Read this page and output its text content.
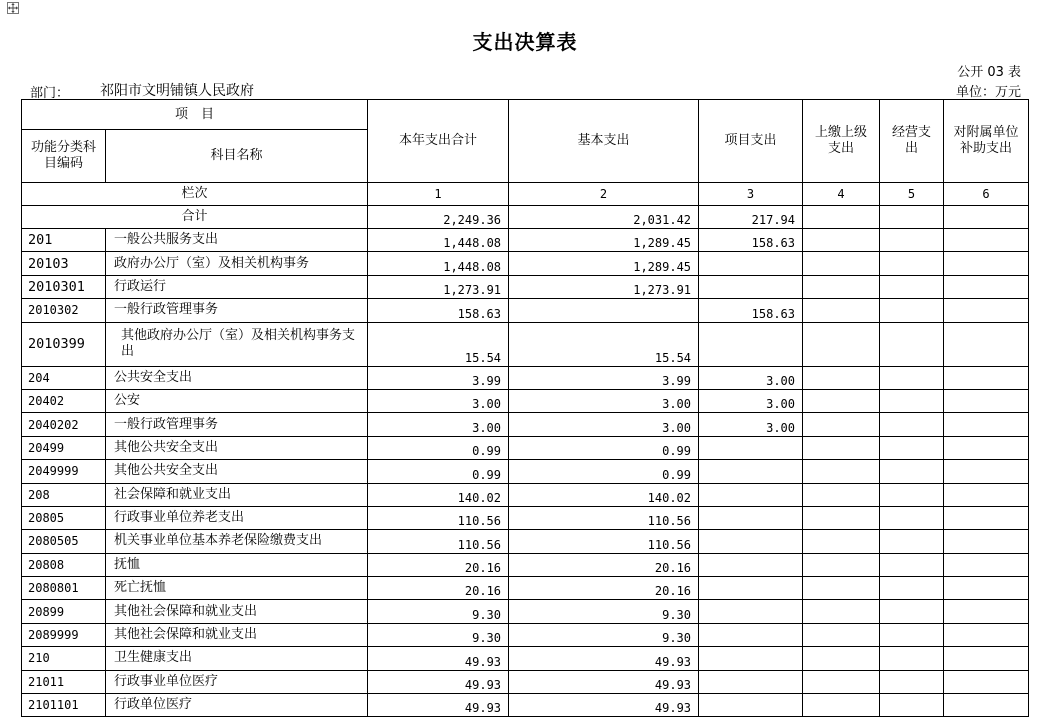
支出决算表
公开 03 表
部门： 祁阳市文明铺镇人民政府	单位：万元
项　目		本年支出合计	基本支出	项目支出	上缴上级支出	经营支出	对附属单位补助支出
功能分类科目编码	科目名称						
栏次		1	2	3	4	5	6
合计		2,249.36	2,031.42	217.94			
201	一般公共服务支出	1,448.08	1,289.45	158.63			
20103	政府办公厅（室）及相关机构事务	1,448.08	1,289.45				
2010301	行政运行	1,273.91	1,273.91				
2010302	一般行政管理事务	158.63		158.63			
2010399	其他政府办公厅（室）及相关机构事务支出	15.54	15.54				
204	公共安全支出	3.99	3.99	3.00			
20402	公安	3.00	3.00	3.00			
2040202	一般行政管理事务	3.00	3.00	3.00			
20499	其他公共安全支出	0.99	0.99				
2049999	其他公共安全支出	0.99	0.99				
208	社会保障和就业支出	140.02	140.02				
20805	行政事业单位养老支出	110.56	110.56				
2080505	机关事业单位基本养老保险缴费支出	110.56	110.56				
20808	抚恤	20.16	20.16				
2080801	死亡抚恤	20.16	20.16				
20899	其他社会保障和就业支出	9.30	9.30				
2089999	其他社会保障和就业支出	9.30	9.30				
210	卫生健康支出	49.93	49.93				
21011	行政事业单位医疗	49.93	49.93				
2101101	行政单位医疗	49.93	49.93				
